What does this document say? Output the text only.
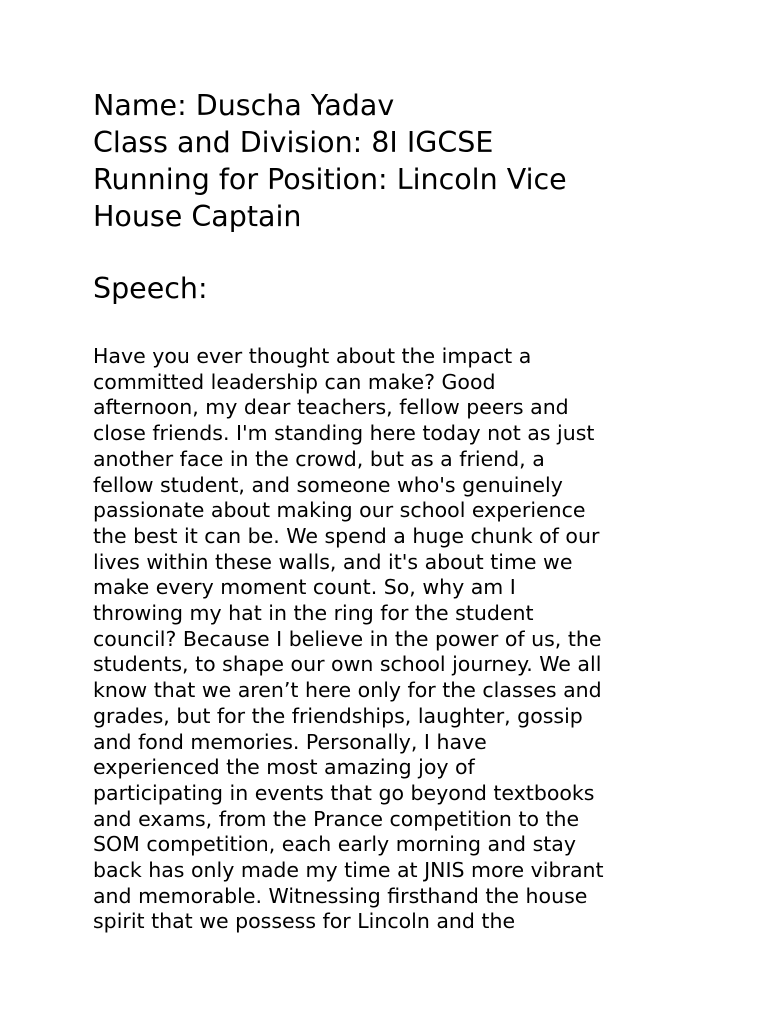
Name: Duscha Yadav
Class and Division: 8I IGCSE
Running for Position: Lincoln Vice
House Captain
Speech:
Have you ever thought about the impact a
committed leadership can make? Good
afternoon, my dear teachers, fellow peers and
close friends. I'm standing here today not as just
another face in the crowd, but as a friend, a
fellow student, and someone who's genuinely
passionate about making our school experience
the best it can be. We spend a huge chunk of our
lives within these walls, and it's about time we
make every moment count. So, why am I
throwing my hat in the ring for the student
council? Because I believe in the power of us, the
students, to shape our own school journey. We all
know that we aren’t here only for the classes and
grades, but for the friendships, laughter, gossip
and fond memories. Personally, I have
experienced the most amazing joy of
participating in events that go beyond textbooks
and exams, from the Prance competition to the
SOM competition, each early morning and stay
back has only made my time at JNIS more vibrant
and memorable. Witnessing firsthand the house
spirit that we possess for Lincoln and the
